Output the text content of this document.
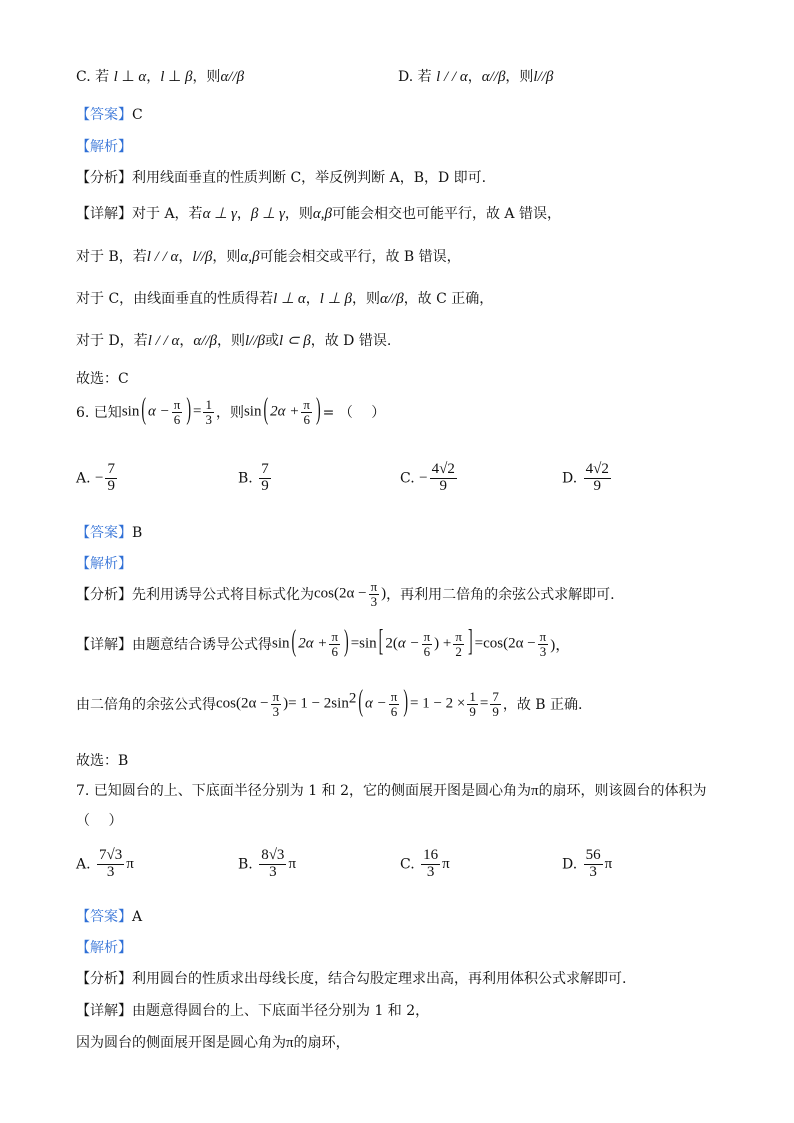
C. 若 l ⊥ α，l ⊥ β，则α//β	D. 若 l / / α，α//β，则l//β
【答案】C
【解析】
【分析】利用线面垂直的性质判断 C，举反例判断 A，B，D 即可.
【详解】对于 A，若α ⊥ γ，β ⊥ γ，则α,β可能会相交也可能平行，故 A 错误，
对于 B，若l / / α，l//β，则α,β可能会相交或平行，故 B 错误，
对于 C，由线面垂直的性质得若l ⊥ α，l ⊥ β，则α//β，故 C 正确，
对于 D，若l / / α，α//β，则l//β或l ⊂ β，故 D 错误.
故选：C
6. 已知sin ( $\alpha - \frac{\pi}{6}$ ) = $\frac{1}{3}$ ，则sin ( $2\alpha + \frac{\pi}{6}$ ) = （　 ）
A. − $\frac{7}{9}$	B. $\frac{7}{9}$	C. − $\frac{4√2}{9}$	D. $\frac{4√2}{9}$
【答案】B
【解析】
【分析】先利用诱导公式将目标式化为$\cos(2\alpha - \frac{\pi}{3}$ )，再利用二倍角的余弦公式求解即可.
【详解】由题意结合诱导公式得sin ( $2\alpha + \frac{\pi}{6}$ ) =sin [ $2(\alpha - \frac{\pi}{6}$ ) + $\frac{\pi}{2}$ ] $=\cos(2\alpha - \frac{\pi}{3}$ )，
由二倍角的余弦公式得$\cos(2\alpha - \frac{\pi}{3}$ )= $1 - 2\sin^2$ ( $\alpha - \frac{\pi}{6}$ ) = $1 - 2 \times \frac{1}{9} = \frac{7}{9}$ ，故 B 正确.
故选：B
7. 已知圆台的上、下底面半径分别为 1 和 2，它的侧面展开图是圆心角为π的扇环，则该圆台的体积为
（　 ）
A. $\frac{7√3}{3}$ π	B. $\frac{8√3}{3}$ π	C. $\frac{16}{3}$ π	D. $\frac{56}{3}$ π
【答案】A
【解析】
【分析】利用圆台的性质求出母线长度，结合勾股定理求出高，再利用体积公式求解即可.
【详解】由题意得圆台的上、下底面半径分别为 1 和 2，
因为圆台的侧面展开图是圆心角为π的扇环，
